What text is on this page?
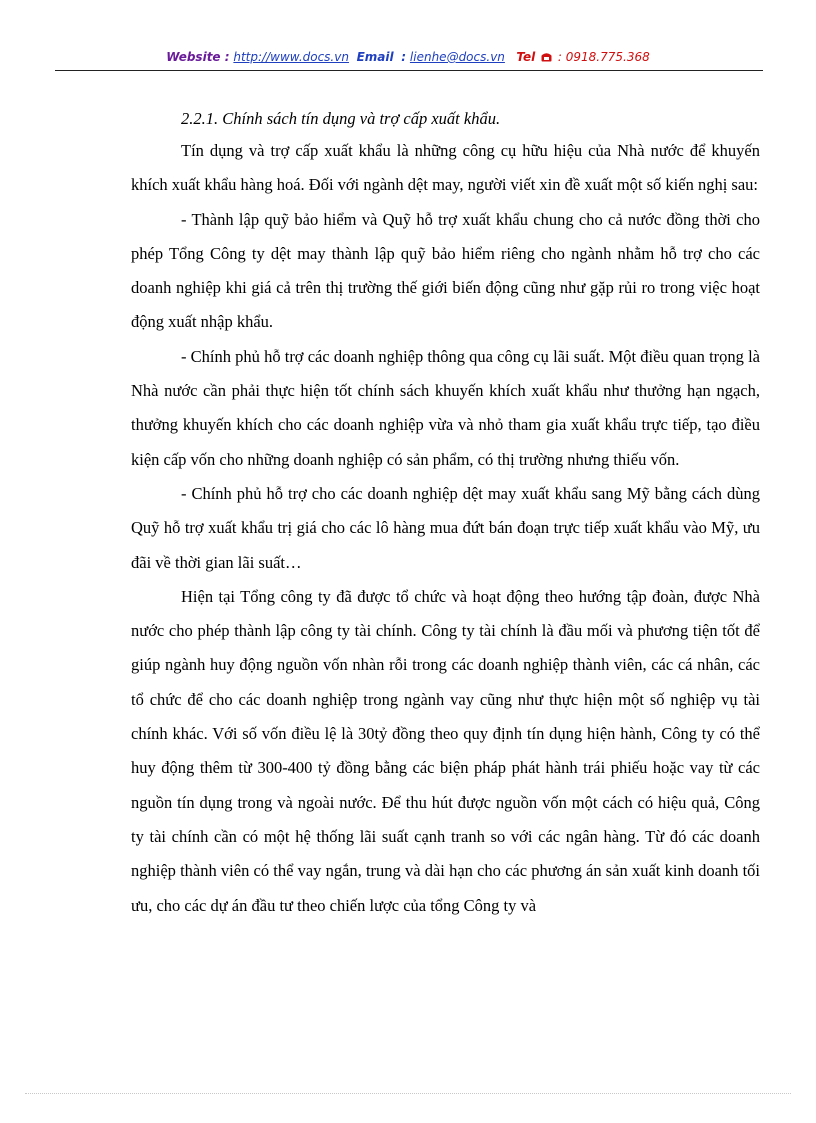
Website : http://www.docs.vn Email : lienhe@docs.vn Tel : 0918.775.368

2.2.1. Chính sách tín dụng và trợ cấp xuất khẩu.

Tín dụng và trợ cấp xuất khẩu là những công cụ hữu hiệu của Nhà nước để khuyến khích xuất khẩu hàng hoá. Đối với ngành dệt may, người viết xin đề xuất một số kiến nghị sau:

- Thành lập quỹ bảo hiểm và Quỹ hỗ trợ xuất khẩu chung cho cả nước đồng thời cho phép Tổng Công ty dệt may thành lập quỹ bảo hiểm riêng cho ngành nhằm hỗ trợ cho các doanh nghiệp khi giá cả trên thị trường thế giới biến động cũng như gặp rủi ro trong việc hoạt động xuất nhập khẩu.

- Chính phủ hỗ trợ các doanh nghiệp thông qua công cụ lãi suất. Một điều quan trọng là Nhà nước cần phải thực hiện tốt chính sách khuyến khích xuất khẩu như thưởng hạn ngạch, thưởng khuyến khích cho các doanh nghiệp vừa và nhỏ tham gia xuất khẩu trực tiếp, tạo điều kiện cấp vốn cho những doanh nghiệp có sản phẩm, có thị trường nhưng thiếu vốn.

- Chính phủ hỗ trợ cho các doanh nghiệp dệt may xuất khẩu sang Mỹ bằng cách dùng Quỹ hỗ trợ xuất khẩu trị giá cho các lô hàng mua đứt bán đoạn trực tiếp xuất khẩu vào Mỹ, ưu đãi về thời gian lãi suất…

Hiện tại Tổng công ty đã được tổ chức và hoạt động theo hướng tập đoàn, được Nhà nước cho phép thành lập công ty tài chính. Công ty tài chính là đầu mối và phương tiện tốt để giúp ngành huy động nguồn vốn nhàn rỗi trong các doanh nghiệp thành viên, các cá nhân, các tổ chức để cho các doanh nghiệp trong ngành vay cũng như thực hiện một số nghiệp vụ tài chính khác. Với số vốn điều lệ là 30tỷ đồng theo quy định tín dụng hiện hành, Công ty có thể huy động thêm từ 300-400 tỷ đồng bằng các biện pháp phát hành trái phiếu hoặc vay từ các nguồn tín dụng trong và ngoài nước. Để thu hút được nguồn vốn một cách có hiệu quả, Công ty tài chính cần có một hệ thống lãi suất cạnh tranh so với các ngân hàng. Từ đó các doanh nghiệp thành viên có thể vay ngắn, trung và dài hạn cho các phương án sản xuất kinh doanh tối ưu, cho các dự án đầu tư theo chiến lược của tổng Công ty và
